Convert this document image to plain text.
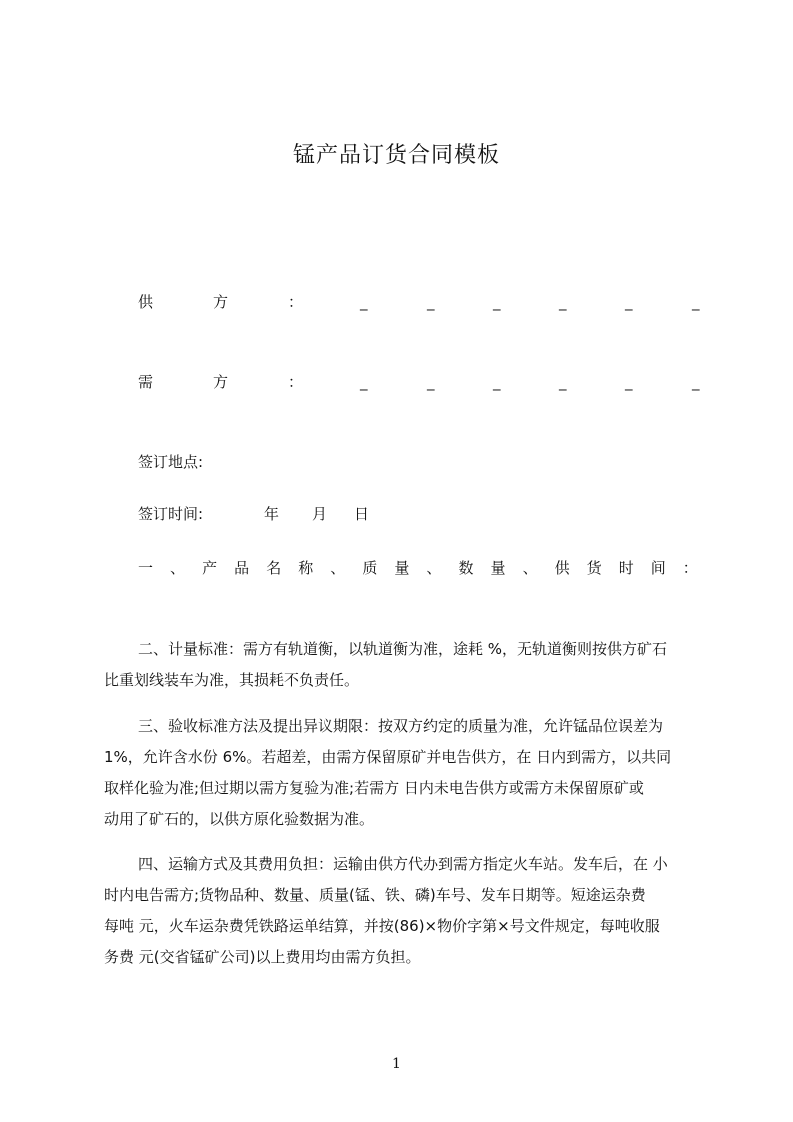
锰产品订货合同模板
供	方	：	_	_	_	_	_	_
需	方	：	_	_	_	_	_	_
签订地点:
签订时间:	年 月 日
一 、 产 品 名 称 、 质 量 、 数 量 、 供 货 时 间 ：
二、计量标准：需方有轨道衡，以轨道衡为准，途耗 %，无轨道衡则按供方矿石
比重划线装车为准，其损耗不负责任。
三、验收标准方法及提出异议期限：按双方约定的质量为准，允许锰品位误差为
1%，允许含水份 6%。若超差，由需方保留原矿并电告供方，在 日内到需方，以共同
取样化验为准;但过期以需方复验为准;若需方 日内未电告供方或需方未保留原矿或
动用了矿石的，以供方原化验数据为准。
四、运输方式及其费用负担：运输由供方代办到需方指定火车站。发车后，在 小
时内电告需方;货物品种、数量、质量(锰、铁、磷)车号、发车日期等。短途运杂费
每吨 元，火车运杂费凭铁路运单结算，并按(86)×物价字第×号文件规定，每吨收服
务费 元(交省锰矿公司)以上费用均由需方负担。
1
